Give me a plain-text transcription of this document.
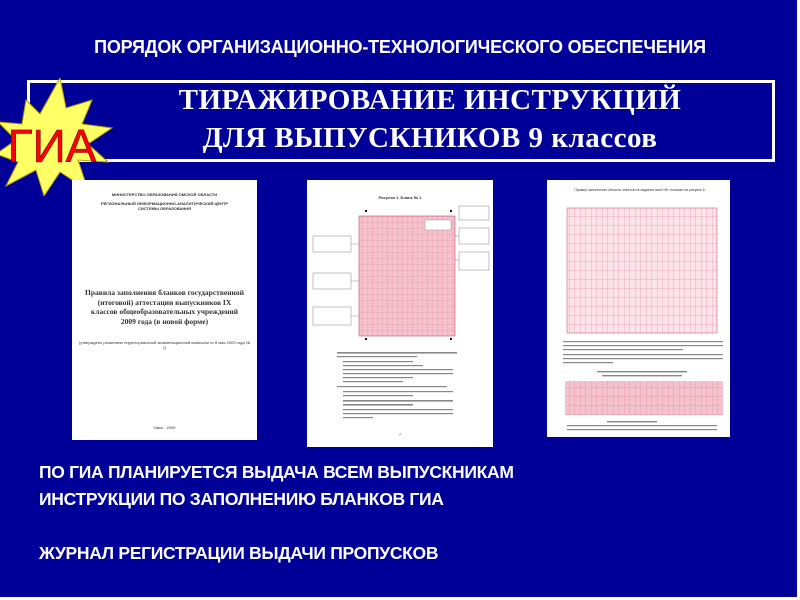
ПОРЯДОК ОРГАНИЗАЦИОННО-ТЕХНОЛОГИЧЕСКОГО ОБЕСПЕЧЕНИЯ
ТИРАЖИРОВАНИЕ ИНСТРУКЦИЙ
ДЛЯ ВЫПУСКНИКОВ 9 классов
ГИА
МИНИСТЕРСТВО ОБРАЗОВАНИЯ ОМСКОЙ ОБЛАСТИ
РЕГИОНАЛЬНЫЙ ИНФОРМАЦИОННО-АНАЛИТИЧЕСКИЙ ЦЕНТР СИСТЕМЫ ОБРАЗОВАНИЯ
Правила заполнения бланков государственной (итоговой) аттестации выпускников IX классов общеобразовательных учреждений 2009 года (в новой форме)
(утверждено решением территориальной экзаменационной комиссии от 8 мая 2009 года № 1)
Омск - 2009
Рисунок 1. Бланк № 1
7
Пример заполнения области ответов на задания типа «В» показан на рисунке 6.
ПО ГИА ПЛАНИРУЕТСЯ ВЫДАЧА ВСЕМ ВЫПУСКНИКАМ
ИНСТРУКЦИИ ПО ЗАПОЛНЕНИЮ БЛАНКОВ ГИА
ЖУРНАЛ РЕГИСТРАЦИИ ВЫДАЧИ ПРОПУСКОВ
